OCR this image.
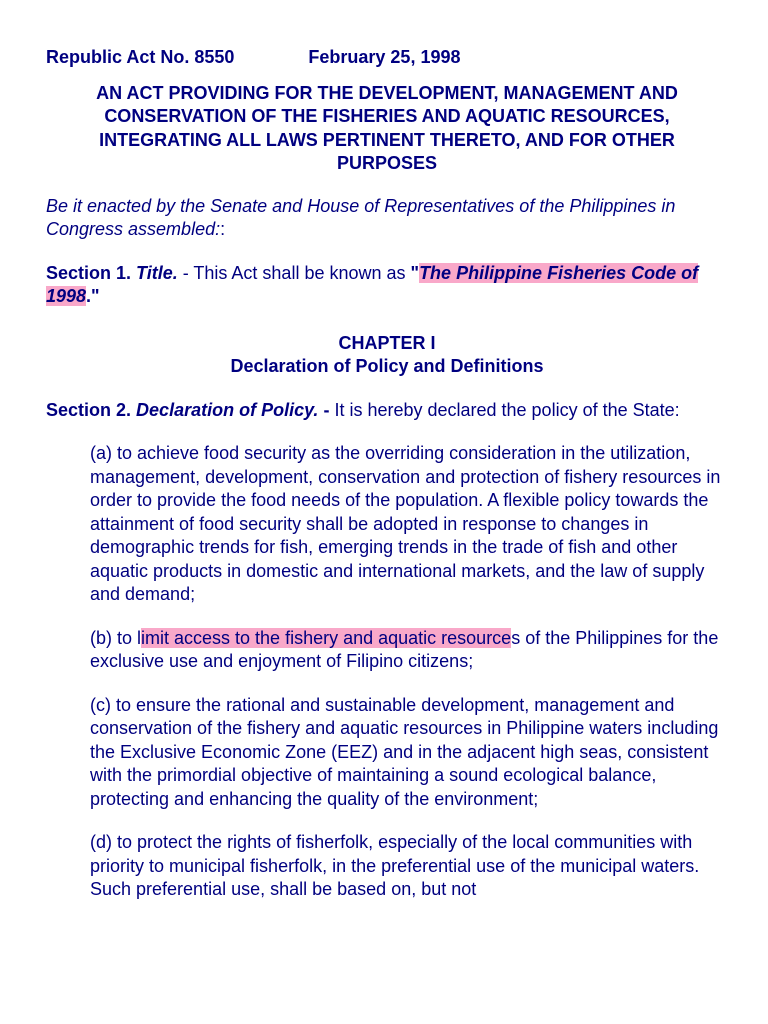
Republic Act No. 8550	February 25, 1998

AN ACT PROVIDING FOR THE DEVELOPMENT, MANAGEMENT AND CONSERVATION OF THE FISHERIES AND AQUATIC RESOURCES, INTEGRATING ALL LAWS PERTINENT THERETO, AND FOR OTHER PURPOSES

Be it enacted by the Senate and House of Representatives of the Philippines in Congress assembled::

Section 1. Title. - This Act shall be known as "The Philippine Fisheries Code of 1998."

CHAPTER I
Declaration of Policy and Definitions

Section 2. Declaration of Policy. - It is hereby declared the policy of the State:

(a) to achieve food security as the overriding consideration in the utilization, management, development, conservation and protection of fishery resources in order to provide the food needs of the population. A flexible policy towards the attainment of food security shall be adopted in response to changes in demographic trends for fish, emerging trends in the trade of fish and other aquatic products in domestic and international markets, and the law of supply and demand;

(b) to limit access to the fishery and aquatic resources of the Philippines for the exclusive use and enjoyment of Filipino citizens;

(c) to ensure the rational and sustainable development, management and conservation of the fishery and aquatic resources in Philippine waters including the Exclusive Economic Zone (EEZ) and in the adjacent high seas, consistent with the primordial objective of maintaining a sound ecological balance, protecting and enhancing the quality of the environment;

(d) to protect the rights of fisherfolk, especially of the local communities with priority to municipal fisherfolk, in the preferential use of the municipal waters. Such preferential use, shall be based on, but not
